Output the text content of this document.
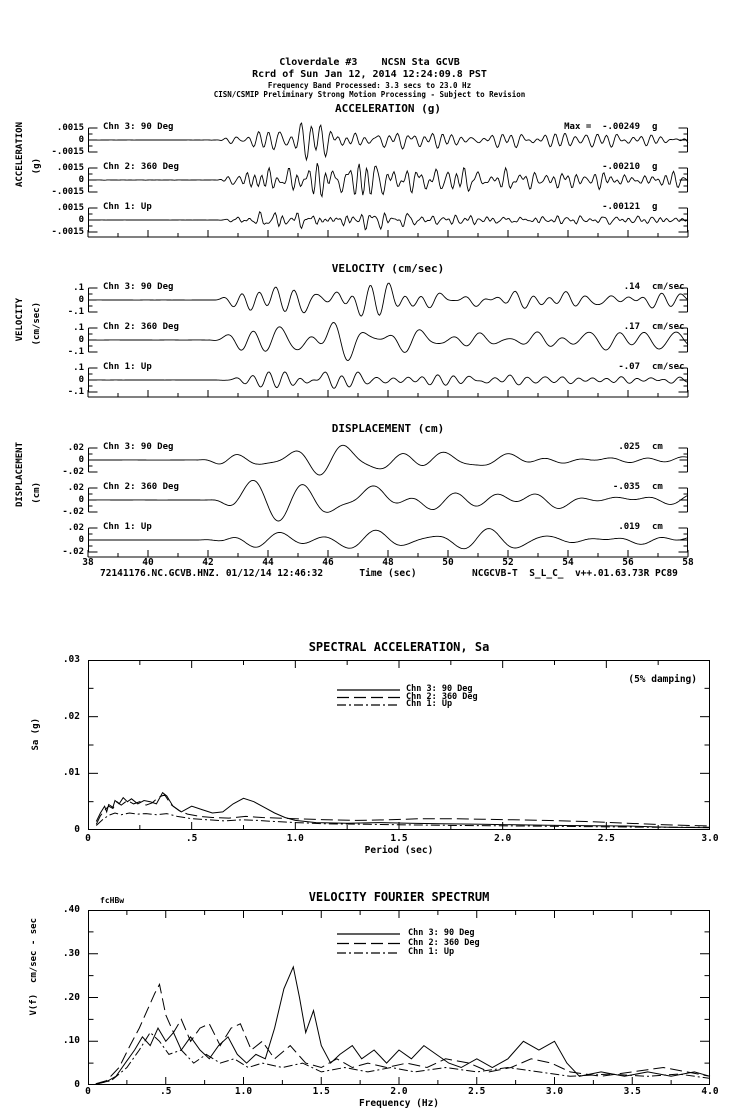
Cloverdale #3    NCSN Sta GCVB
Rcrd of Sun Jan 12, 2014 12:24:09.8 PST
Frequency Band Processed: 3.3 secs to 23.0 Hz
CISN/CSMIP Preliminary Strong Motion Processing - Subject to Revision
ACCELERATION (g)
ACCELERATION (g)
VELOCITY (cm/sec)
VELOCITY (cm/sec)
DISPLACEMENT (cm)
DISPLACEMENT (cm)
72141176.NC.GCVB.HNZ. 01/12/14 12:46:32	Time (sec)	NCGCVB-T  S_L_C_  v++.01.63.73R PC89
SPECTRAL ACCELERATION, Sa
(5% damping)
Sa (g)
Period (sec)
VELOCITY FOURIER SPECTRUM
fcHBw
V(f)  cm/sec - sec
Frequency (Hz)
Chn 3: 90 Deg
.0015
0
-.0015
Max =  -.00249 g
Chn 2: 360 Deg
.0015
0
-.0015
-.00210 g
Chn 1: Up
.0015
0
-.0015
-.00121 g
Chn 3: 90 Deg
.1
0
-.1
.14 cm/sec
Chn 2: 360 Deg
.1
0
-.1
.17 cm/sec
Chn 1: Up
.1
0
-.1
-.07 cm/sec
Chn 3: 90 Deg
.02
0
-.02
.025 cm
Chn 2: 360 Deg
.02
0
-.02
-.035 cm
Chn 1: Up
.02
0
-.02
.019 cm
38	40	42	44	46	48	50	52	54	56	58
Chn 3: 90 Deg
Chn 2: 360 Deg
Chn 1: Up
.03
.02
.01
0
0	.5	1.0	1.5	2.0	2.5	3.0
Chn 3: 90 Deg
Chn 2: 360 Deg
Chn 1: Up
.40
.30
.20
.10
0
0	.5	1.0	1.5	2.0	2.5	3.0	3.5	4.0
